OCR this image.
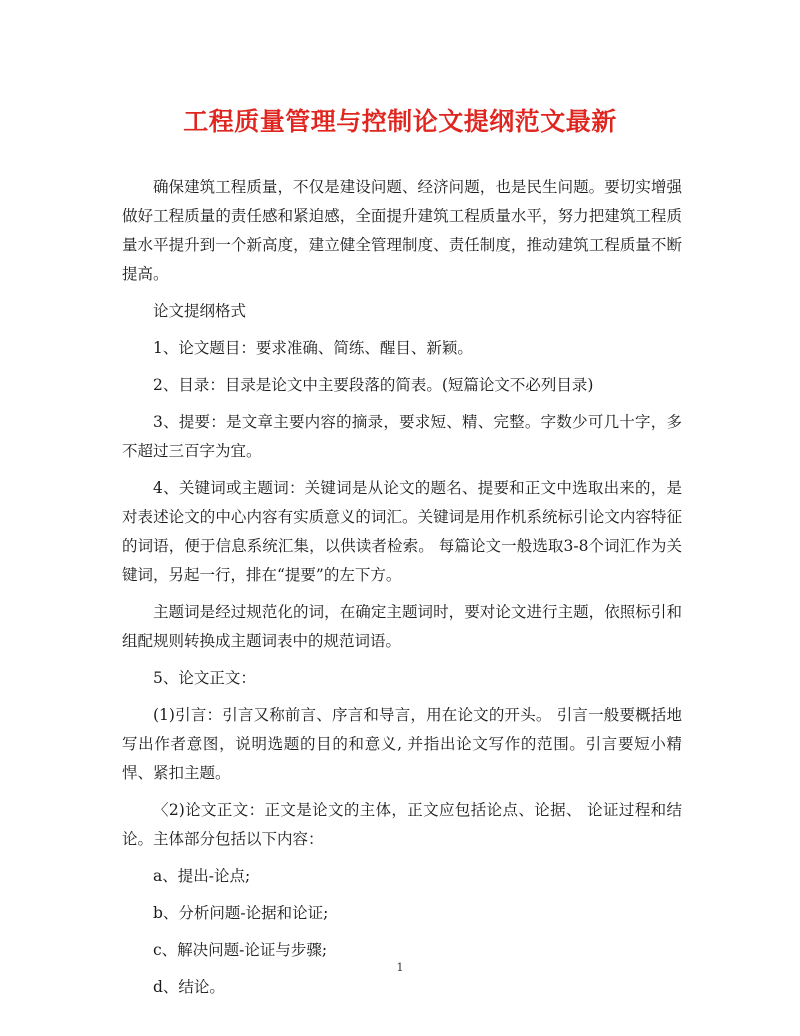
工程质量管理与控制论文提纲范文最新

确保建筑工程质量，不仅是建设问题、经济问题，也是民生问题。要切实增强做好工程质量的责任感和紧迫感，全面提升建筑工程质量水平，努力把建筑工程质量水平提升到一个新高度，建立健全管理制度、责任制度，推动建筑工程质量不断提高。

论文提纲格式

1、论文题目：要求准确、简练、醒目、新颖。

2、目录：目录是论文中主要段落的简表。(短篇论文不必列目录)

3、提要：是文章主要内容的摘录，要求短、精、完整。字数少可几十字，多不超过三百字为宜。

4、关键词或主题词：关键词是从论文的题名、提要和正文中选取出来的，是对表述论文的中心内容有实质意义的词汇。关键词是用作机系统标引论文内容特征的词语，便于信息系统汇集，以供读者检索。 每篇论文一般选取3-8个词汇作为关键词，另起一行，排在“提要”的左下方。

主题词是经过规范化的词，在确定主题词时，要对论文进行主题，依照标引和组配规则转换成主题词表中的规范词语。

5、论文正文：

(1)引言：引言又称前言、序言和导言，用在论文的开头。 引言一般要概括地写出作者意图，说明选题的目的和意义, 并指出论文写作的范围。引言要短小精悍、紧扣主题。

〈2)论文正文：正文是论文的主体，正文应包括论点、论据、 论证过程和结论。主体部分包括以下内容：

a、提出-论点;

b、分析问题-论据和论证;

c、解决问题-论证与步骤;

d、结论。

1
